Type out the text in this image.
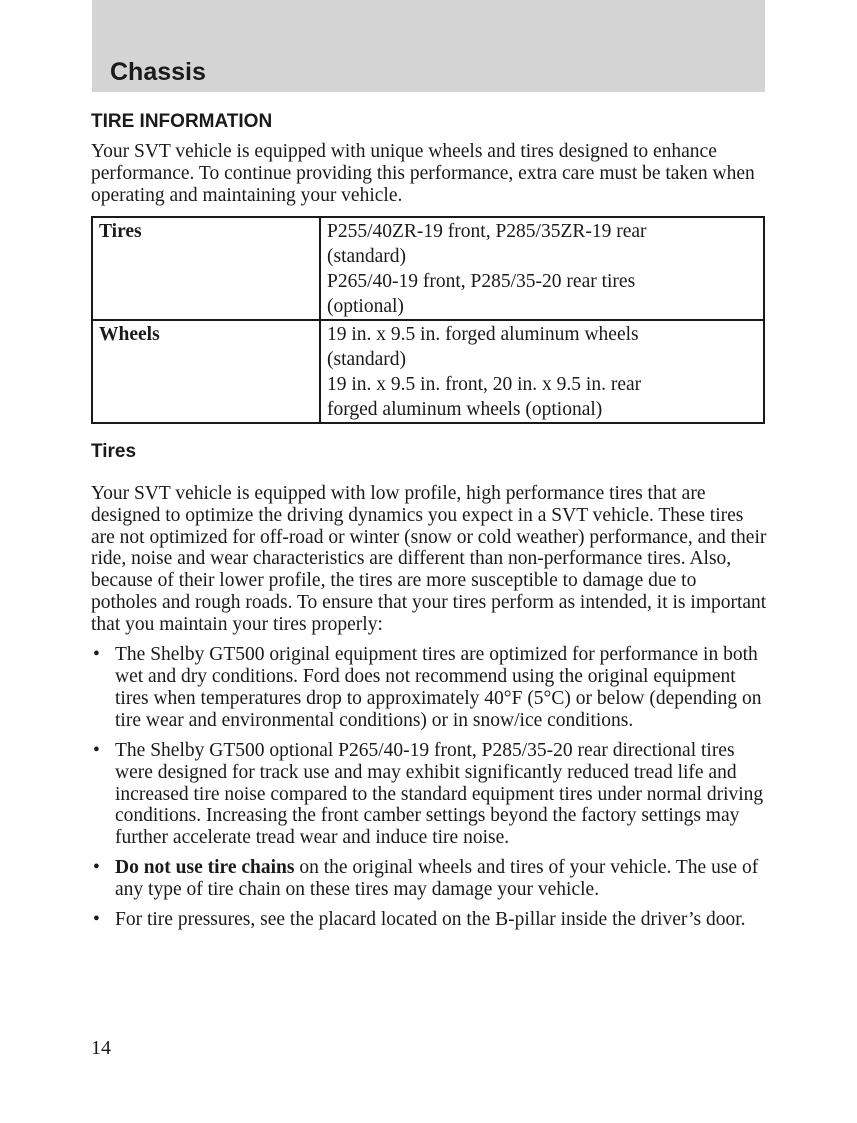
Chassis
TIRE INFORMATION

Your SVT vehicle is equipped with unique wheels and tires designed to enhance performance. To continue providing this performance, extra care must be taken when operating and maintaining your vehicle.

Tires	P255/40ZR-19 front, P285/35ZR-19 rear
(standard)
P265/40-19 front, P285/35-20 rear tires
(optional)

Wheels	19 in. x 9.5 in. forged aluminum wheels
(standard)
19 in. x 9.5 in. front, 20 in. x 9.5 in. rear
forged aluminum wheels (optional)
Tires

Your SVT vehicle is equipped with low profile, high performance tires that are designed to optimize the driving dynamics you expect in a SVT vehicle. These tires are not optimized for off-road or winter (snow or cold weather) performance, and their ride, noise and wear characteristics are different than non-performance tires. Also, because of their lower profile, the tires are more susceptible to damage due to potholes and rough roads. To ensure that your tires perform as intended, it is important that you maintain your tires properly:

• The Shelby GT500 original equipment tires are optimized for performance in both wet and dry conditions. Ford does not recommend using the original equipment tires when temperatures drop to approximately 40°F (5°C) or below (depending on tire wear and environmental conditions) or in snow/ice conditions.
• The Shelby GT500 optional P265/40-19 front, P285/35-20 rear directional tires were designed for track use and may exhibit significantly reduced tread life and increased tire noise compared to the standard equipment tires under normal driving conditions. Increasing the front camber settings beyond the factory settings may further accelerate tread wear and induce tire noise.
• Do not use tire chains on the original wheels and tires of your vehicle. The use of any type of tire chain on these tires may damage your vehicle.
• For tire pressures, see the placard located on the B-pillar inside the driver’s door.

14
